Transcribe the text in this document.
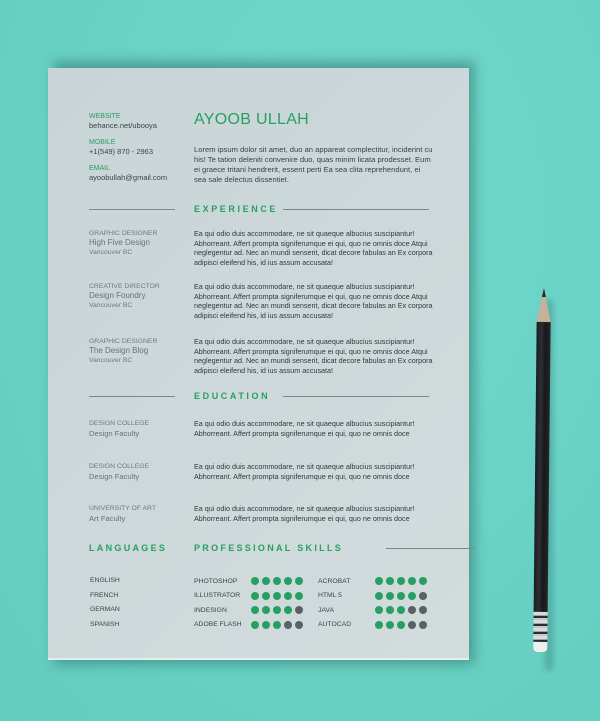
WEBSITE
behance.net/ubooya
MOBILE
+1(549) 870 - 2963
EMAIL
ayoobullah@gmail.com
AYOOB ULLAH
Lorem ipsum dolor sit amet, duo an appareat complectitur, inciderint cu his! Te tation deleniti convenire duo, quas minim licata prodesset. Eum ei graece tritani hendrerit, essent perti Ea sea clita reprehendunt, ei sea sale delectus dissentiet.
EXPERIENCE
GRAPHIC DESIGNER
High Five Design
Vancouver BC
Ea qui odio duis accommodare, ne sit quaeque albucius suscipiantur! Abhorreant. Affert prompta signiferumque ei qui, quo ne omnis doce Atqui neglegentur ad. Nec an mundi senserit, dicat decore fabulas an Ex corpora adipisci eleifend his, id ius assum accusata!
CREATIVE DIRECTOR
Design Foundry
Vancouver BC
Ea qui odio duis accommodare, ne sit quaeque albucius suscipiantur! Abhorreant. Affert prompta signiferumque ei qui, quo ne omnis doce Atqui neglegentur ad. Nec an mundi senserit, dicat decore fabulas an Ex corpora adipisci eleifend his, id ius assum accusata!
GRAPHIC DESIGNER
The Design Blog
Vancouver BC
Ea qui odio duis accommodare, ne sit quaeque albucius suscipiantur! Abhorreant. Affert prompta signiferumque ei qui, quo ne omnis doce Atqui neglegentur ad. Nec an mundi senserit, dicat decore fabulas an Ex corpora adipisci eleifend his, id ius assum accusata!
EDUCATION
DESIGN COLLEGE
Design Faculty
Ea qui odio duis accommodare, ne sit quaeque albucius suscipiantur! Abhorreant. Affert prompta signiferumque ei qui, quo ne omnis doce
DESIGN COLLEGE
Design Faculty
Ea qui odio duis accommodare, ne sit quaeque albucius suscipiantur! Abhorreant. Affert prompta signiferumque ei qui, quo ne omnis doce
UNIVERSITY OF ART
Art Faculty
Ea qui odio duis accommodare, ne sit quaeque albucius suscipiantur! Abhorreant. Affert prompta signiferumque ei qui, quo ne omnis doce
LANGUAGES	PROFESSIONAL SKILLS
ENGLISH
FRENCH
GERMAN
SPANISH
PHOTOSHOP
ILLUSTRATOR
INDESIGN
ADOBE FLASH
ACROBAT
HTML 5
JAVA
AUTOCAD
